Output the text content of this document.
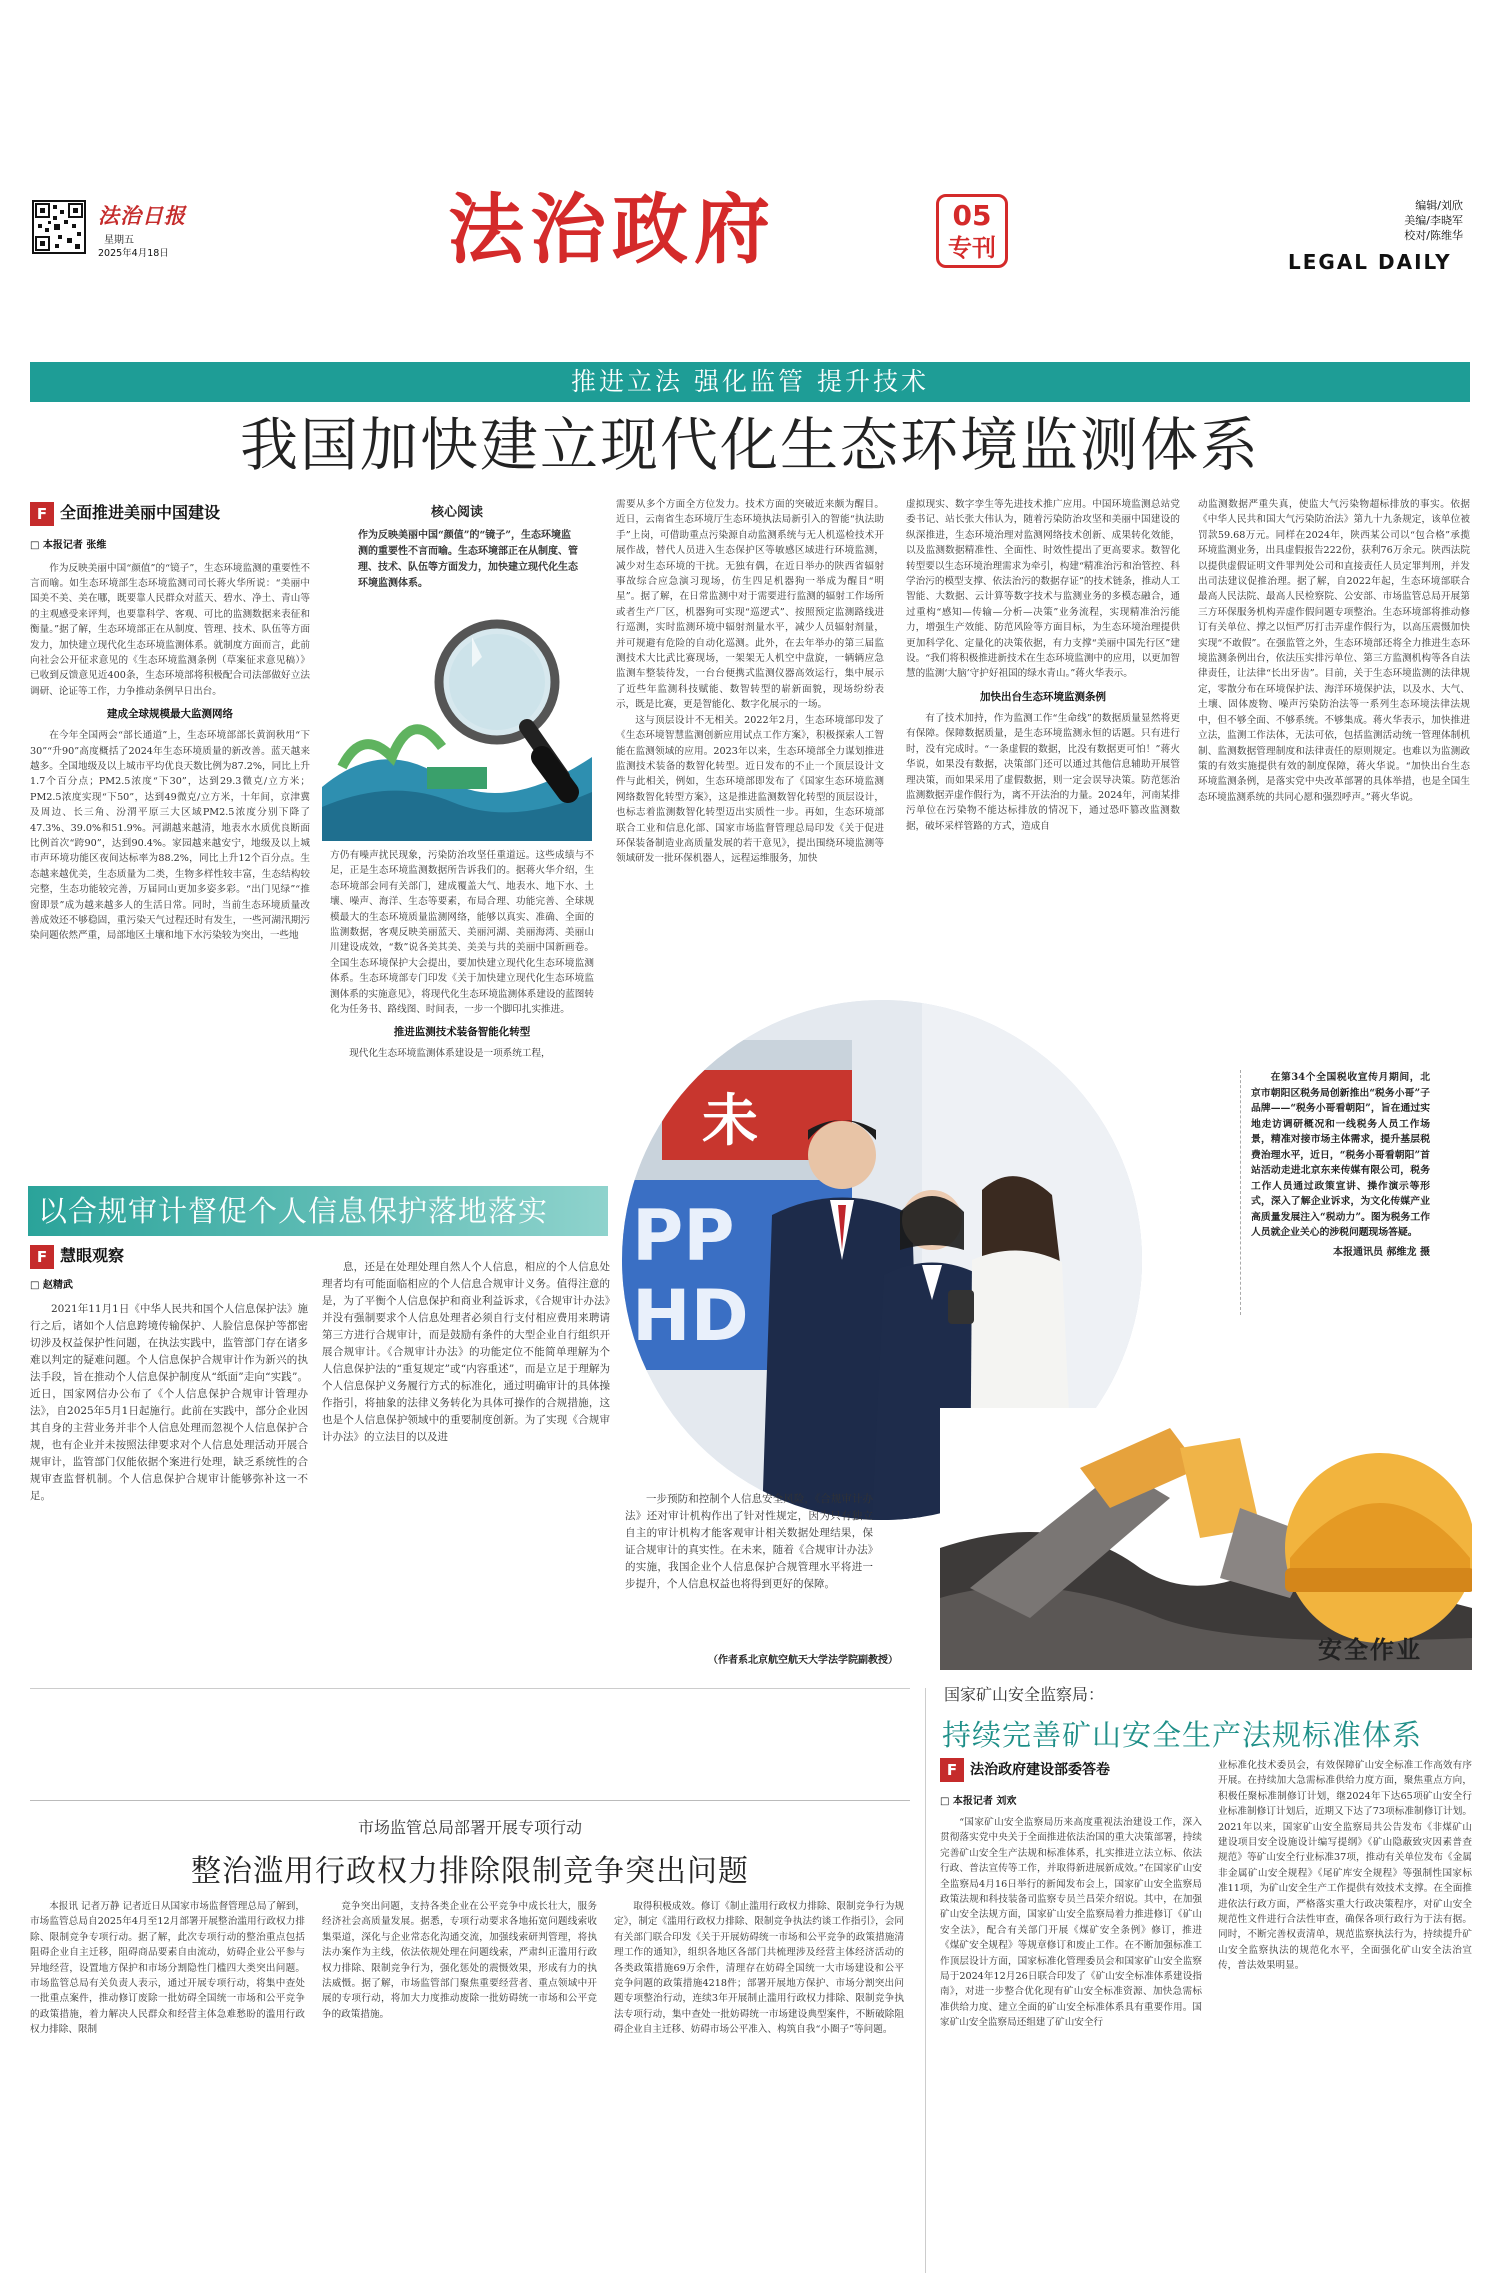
法治日报
星期五
2025年4月18日	法治政府	05
专刊
编辑/刘欣
美编/李晓军
校对/陈维华
LEGAL DAILY
推进立法 强化监管 提升技术
我国加快建立现代化生态环境监测体系
F 全面推进美丽中国建设
□ 本报记者 张维

作为反映美丽中国“颜值”的“镜子”，生态环境监测的重要性不言而喻。如生态环境部生态环境监测司司长蒋火华所说：“美丽中国美不美、美在哪，既要靠人民群众对蓝天、碧水、净土、青山等的主观感受来评判，也要靠科学、客观、可比的监测数据来表征和衡量。”据了解，生态环境部正在从制度、管理、技术、队伍等方面发力，加快建立现代化生态环境监测体系。就制度方面而言，此前向社会公开征求意见的《生态环境监测条例（草案征求意见稿）》已收到反馈意见近400条，生态环境部将积极配合司法部做好立法调研、论证等工作，力争推动条例早日出台。

建成全球规模最大监测网络

在今年全国两会“部长通道”上，生态环境部部长黄润秋用“下30”“升90”高度概括了2024年生态环境质量的新改善。蓝天越来越多。全国地级及以上城市平均优良天数比例为87.2%，同比上升1.7个百分点；PM2.5浓度“下30”，达到29.3微克/立方米；PM2.5浓度实现“下50”，达到49微克/立方米，十年间，京津冀及周边、长三角、汾渭平原三大区域PM2.5浓度分别下降了47.3%、39.0%和51.9%。河湖越来越清，地表水水质优良断面比例首次“跨90”，达到90.4%。家园越来越安宁，地级及以上城市声环境功能区夜间达标率为88.2%，同比上升12个百分点。生态越来越优美，生态质量为二类，生物多样性较丰富，生态结构较完整，生态功能较完善，万届同山更加多姿多彩。“出门见绿”“推窗即景”成为越来越多人的生活日常。同时，当前生态环境质量改善成效还不够稳固，重污染天气过程还时有发生，一些河湖汛期污染问题依然严重，局部地区土壤和地下水污染较为突出，一些地

核心阅读
作为反映美丽中国“颜值”的“镜子”，生态环境监测的重要性不言而喻。生态环境部正在从制度、管理、技术、队伍等方面发力，加快建立现代化生态环境监测体系。

方仍有噪声扰民现象，污染防治攻坚任重道远。这些成绩与不足，正是生态环境监测数据所告诉我们的。据蒋火华介绍，生态环境部会同有关部门，建成覆盖大气、地表水、地下水、土壤、噪声、海洋、生态等要素，布局合理、功能完善、全球规模最大的生态环境质量监测网络，能够以真实、准确、全面的监测数据，客观反映美丽蓝天、美丽河湖、美丽海湾、美丽山川建设成效，“数”说各美其美、美美与共的美丽中国新画卷。全国生态环境保护大会提出，要加快建立现代化生态环境监测体系。生态环境部专门印发《关于加快建立现代化生态环境监测体系的实施意见》，将现代化生态环境监测体系建设的蓝图转化为任务书、路线图、时间表，一步一个脚印扎实推进。

推进监测技术装备智能化转型

现代化生态环境监测体系建设是一项系统工程，

需要从多个方面全方位发力。技术方面的突破近来颇为醒目。近日，云南省生态环境厅生态环境执法局新引入的智能“执法助手”上岗，可借助重点污染源自动监测系统与无人机巡检技术开展作战，替代人员进入生态保护区等敏感区域进行环境监测，减少对生态环境的干扰。无独有偶，在近日举办的陕西省辐射事故综合应急演习现场，仿生四足机器狗一举成为醒目“明星”。据了解，在日常监测中对于需要进行监测的辐射工作场所或者生产厂区，机器狗可实现“巡逻式”、按照预定监测路线进行巡测，实时监测环境中辐射剂量水平，减少人员辐射剂量，并可规避有危险的自动化巡测。此外，在去年举办的第三届监测技术大比武比赛现场，一架架无人机空中盘旋，一辆辆应急监测车整装待发，一台台便携式监测仪器高效运行，集中展示了近些年监测科技赋能、数智转型的崭新面貌，现场纷纷表示，既是比赛，更是智能化、数字化展示的一场。

这与顶层设计不无相关。2022年2月，生态环境部印发了《生态环境智慧监测创新应用试点工作方案》，积极探索人工智能在监测领域的应用。2023年以来，生态环境部全力谋划推进监测技术装备的数智化转型。近日发布的不止一个顶层设计文件与此相关，例如，生态环境部即发布了《国家生态环境监测网络数智化转型方案》，这是推进监测数智化转型的顶层设计，也标志着监测数智化转型迈出实质性一步。再如，生态环境部联合工业和信息化部、国家市场监督管理总局印发《关于促进环保装备制造业高质量发展的若干意见》，提出围绕环境监测等领域研发一批环保机器人，远程运维服务，加快

虚拟现实、数字孪生等先进技术推广应用。中国环境监测总站党委书记、站长张大伟认为，随着污染防治攻坚和美丽中国建设的纵深推进，生态环境治理对监测网络技术创新、成果转化效能，以及监测数据精准性、全面性、时效性提出了更高要求。数智化转型要以生态环境治理需求为牵引，构建“精准治污和治管控、科学治污的模型支撑、依法治污的数据存证”的技术链条，推动人工智能、大数据、云计算等数字技术与监测业务的多模态融合，通过重构“感知—传输—分析—决策”业务流程，实现精准治污能力，增强生产效能、防范风险等方面目标，为生态环境治理提供更加科学化、定量化的决策依据，有力支撑“美丽中国先行区”建设。“我们将积极推进新技术在生态环境监测中的应用，以更加智慧的监测‘大脑’守护好祖国的绿水青山。”蒋火华表示。

加快出台生态环境监测条例

有了技术加持，作为监测工作“生命线”的数据质量显然将更有保障。保障数据质量，是生态环境监测永恒的话题。只有进行时，没有完成时。“一条虚假的数据，比没有数据更可怕！”蒋火华说，如果没有数据，决策部门还可以通过其他信息辅助开展管理决策，而如果采用了虚假数据，则一定会误导决策。防范惩治监测数据弄虚作假行为，离不开法治的力量。2024年，河南某排污单位在污染物不能达标排放的情况下，通过恐吓篡改监测数据，破坏采样管路的方式，造成自

动监测数据严重失真，使监大气污染物超标排放的事实。依据《中华人民共和国大气污染防治法》第九十九条规定，该单位被罚款59.68万元。同样在2024年，陕西某公司以“包合格”承揽环境监测业务，出具虚假报告222份，获利76万余元。陕西法院以提供虚假证明文件罪判处公司和直接责任人员定罪判刑，并发出司法建议促推治理。据了解，自2022年起，生态环境部联合最高人民法院、最高人民检察院、公安部、市场监管总局开展第三方环保服务机构弄虚作假问题专项整治。生态环境部将推动修订有关单位、撑之以恒严厉打击弄虚作假行为，以高压震慑加快实现“不敢假”。在强监管之外，生态环境部还将全力推进生态环境监测条例出台，依法压实排污单位、第三方监测机构等各自法律责任，让法律“长出牙齿”。目前，关于生态环境监测的法律规定，零散分布在环境保护法、海洋环境保护法，以及水、大气、土壤、固体废物、噪声污染防治法等一系列生态环境法律法规中，但不够全面、不够系统。不够集成。蒋火华表示，加快推进立法，监测工作法体，无法可依，包括监测活动统一管理体制机制、监测数据管理制度和法律责任的原则规定。也难以为监测政策的有效实施提供有效的制度保障，蒋火华说。“加快出台生态环境监测条例，是落实党中央改革部署的具体举措，也是全国生态环境监测系统的共同心愿和强烈呼声。”蒋火华说。

未
PP
HD

在第34个全国税收宣传月期间，北京市朝阳区税务局创新推出“税务小哥”子品牌——“税务小哥看朝阳”，旨在通过实地走访调研概况和一线税务人员工作场景，精准对接市场主体需求，提升基层税费治理水平，近日，“税务小哥看朝阳”首站活动走进北京东来传媒有限公司，税务工作人员通过政策宣讲、操作演示等形式，深入了解企业诉求，为文化传媒产业高质量发展注入“税动力”。图为税务工作人员就企业关心的涉税问题现场答疑。

本报通讯员 郝维龙 摄

以合规审计督促个人信息保护落地落实
F 慧眼观察
□ 赵精武

2021年11月1日《中华人民共和国个人信息保护法》施行之后，诸如个人信息跨境传输保护、人脸信息保护等都密切涉及权益保护性问题，在执法实践中，监管部门存在诸多难以判定的疑难问题。个人信息保护合规审计作为新兴的执法手段，旨在推动个人信息保护制度从“纸面”走向“实践”。近日，国家网信办公布了《个人信息保护合规审计管理办法》，自2025年5月1日起施行。此前在实践中，部分企业因其自身的主营业务并非个人信息处理而忽视个人信息保护合规，也有企业并未按照法律要求对个人信息处理活动开展合规审计，监管部门仅能依据个案进行处理，缺乏系统性的合规审查监督机制。个人信息保护合规审计能够弥补这一不足。

息，还是在处理处理自然人个人信息，相应的个人信息处理者均有可能面临相应的个人信息合规审计义务。值得注意的是，为了平衡个人信息保护和商业利益诉求，《合规审计办法》并没有强制要求个人信息处理者必须自行支付相应费用来聘请第三方进行合规审计，而是鼓励有条件的大型企业自行组织开展合规审计。《合规审计办法》的功能定位不能简单理解为个人信息保护法的“重复规定”或“内容重述”，而是立足于理解为个人信息保护义务履行方式的标准化，通过明确审计的具体操作指引，将抽象的法律义务转化为具体可操作的合规措施，这也是个人信息保护领域中的重要制度创新。为了实现《合规审计办法》的立法目的以及进

一步预防和控制个人信息安全风险，《合规审计办法》还对审计机构作出了针对性规定，因为只有独立自主的审计机构才能客观审计相关数据处理结果，保证合规审计的真实性。在未来，随着《合规审计办法》的实施，我国企业个人信息保护合规管理水平将进一步提升，个人信息权益也将得到更好的保障。

（作者系北京航空航天大学法学院副教授）	安全作业
国家矿山安全监察局：
持续完善矿山安全生产法规标准体系
F 法治政府建设部委答卷
□ 本报记者 刘欢

“国家矿山安全监察局历来高度重视法治建设工作，深入贯彻落实党中央关于全面推进依法治国的重大决策部署，持续完善矿山安全生产法规和标准体系，扎实推进立法立标、依法行政、普法宣传等工作，并取得新进展新成效。”在国家矿山安全监察局4月16日举行的新闻发布会上，国家矿山安全监察局政策法规和科技装备司监察专员兰昌荣介绍说。其中，在加强矿山安全法规方面，国家矿山安全监察局着力推进修订《矿山安全法》，配合有关部门开展《煤矿安全条例》修订，推进《煤矿安全规程》等规章修订和废止工作。在不断加强标准工作顶层设计方面，国家标准化管理委员会和国家矿山安全监察局于2024年12月26日联合印发了《矿山安全标准体系建设指南》，对进一步整合优化现有矿山安全标准资源、加快急需标准供给力度、建立全面的矿山安全标准体系具有重要作用。国家矿山安全监察局还组建了矿山安全行

业标准化技术委员会，有效保障矿山安全标准工作高效有序开展。在持续加大急需标准供给力度方面，聚焦重点方向，积极任聚标准制修订计划，继2024年下达65项矿山安全行业标准制修订计划后，近期又下达了73项标准制修订计划。2021年以来，国家矿山安全监察局共公告发布《非煤矿山建设项目安全设施设计编写提纲》《矿山隐蔽致灾因素普查规范》等矿山安全行业标准37项，推动有关单位发布《金属非金属矿山安全规程》《尾矿库安全规程》等强制性国家标准11项，为矿山安全生产工作提供有效技术支撑。在全面推进依法行政方面，严格落实重大行政决策程序，对矿山安全规范性文件进行合法性审查，确保各项行政行为于法有据。同时，不断完善权责清单，规范监察执法行为，持续提升矿山安全监察执法的规范化水平，全面强化矿山安全法治宣传，普法效果明显。

市场监管总局部署开展专项行动
整治滥用行政权力排除限制竞争突出问题

本报讯 记者万静 记者近日从国家市场监督管理总局了解到，市场监管总局自2025年4月至12月部署开展整治滥用行政权力排除、限制竞争专项行动。据了解，此次专项行动的整治重点包括阻碍企业自主迁移，阻碍商品要素自由流动，妨碍企业公平参与异地经营，设置地方保护和市场分割隐性门槛四大类突出问题。市场监管总局有关负责人表示，通过开展专项行动，将集中查处一批重点案件，推动修订废除一批妨碍全国统一市场和公平竞争的政策措施，着力解决人民群众和经营主体急难愁盼的滥用行政权力排除、限制

竞争突出问题，支持各类企业在公平竞争中成长壮大，服务经济社会高质量发展。据悉，专项行动要求各地拓宽问题线索收集渠道，深化与企业常态化沟通交流，加强线索研判管理，将执法办案作为主线，依法依规处理在问题线索，严肃纠正滥用行政权力排除、限制竞争行为，强化惩处的震慑效果，形成有力的执法威慑。据了解，市场监管部门聚焦重要经营者、重点领域中开展的专项行动，将加大力度推动废除一批妨碍统一市场和公平竞争的政策措施。

取得积极成效。修订《制止滥用行政权力排除、限制竞争行为规定》，制定《滥用行政权力排除、限制竞争执法约谈工作指引》，会同有关部门联合印发《关于开展妨碍统一市场和公平竞争的政策措施清理工作的通知》，组织各地区各部门共梳理涉及经营主体经济活动的各类政策措施69万余件，清理存在妨碍全国统一大市场建设和公平竞争问题的政策措施4218件；部署开展地方保护、市场分割突出问题专项整治行动，连续3年开展制止滥用行政权力排除、限制竞争执法专项行动，集中查处一批妨碍统一市场建设典型案件，不断破除阻碍企业自主迁移、妨碍市场公平准入、构筑自我“小圈子”等问题。
